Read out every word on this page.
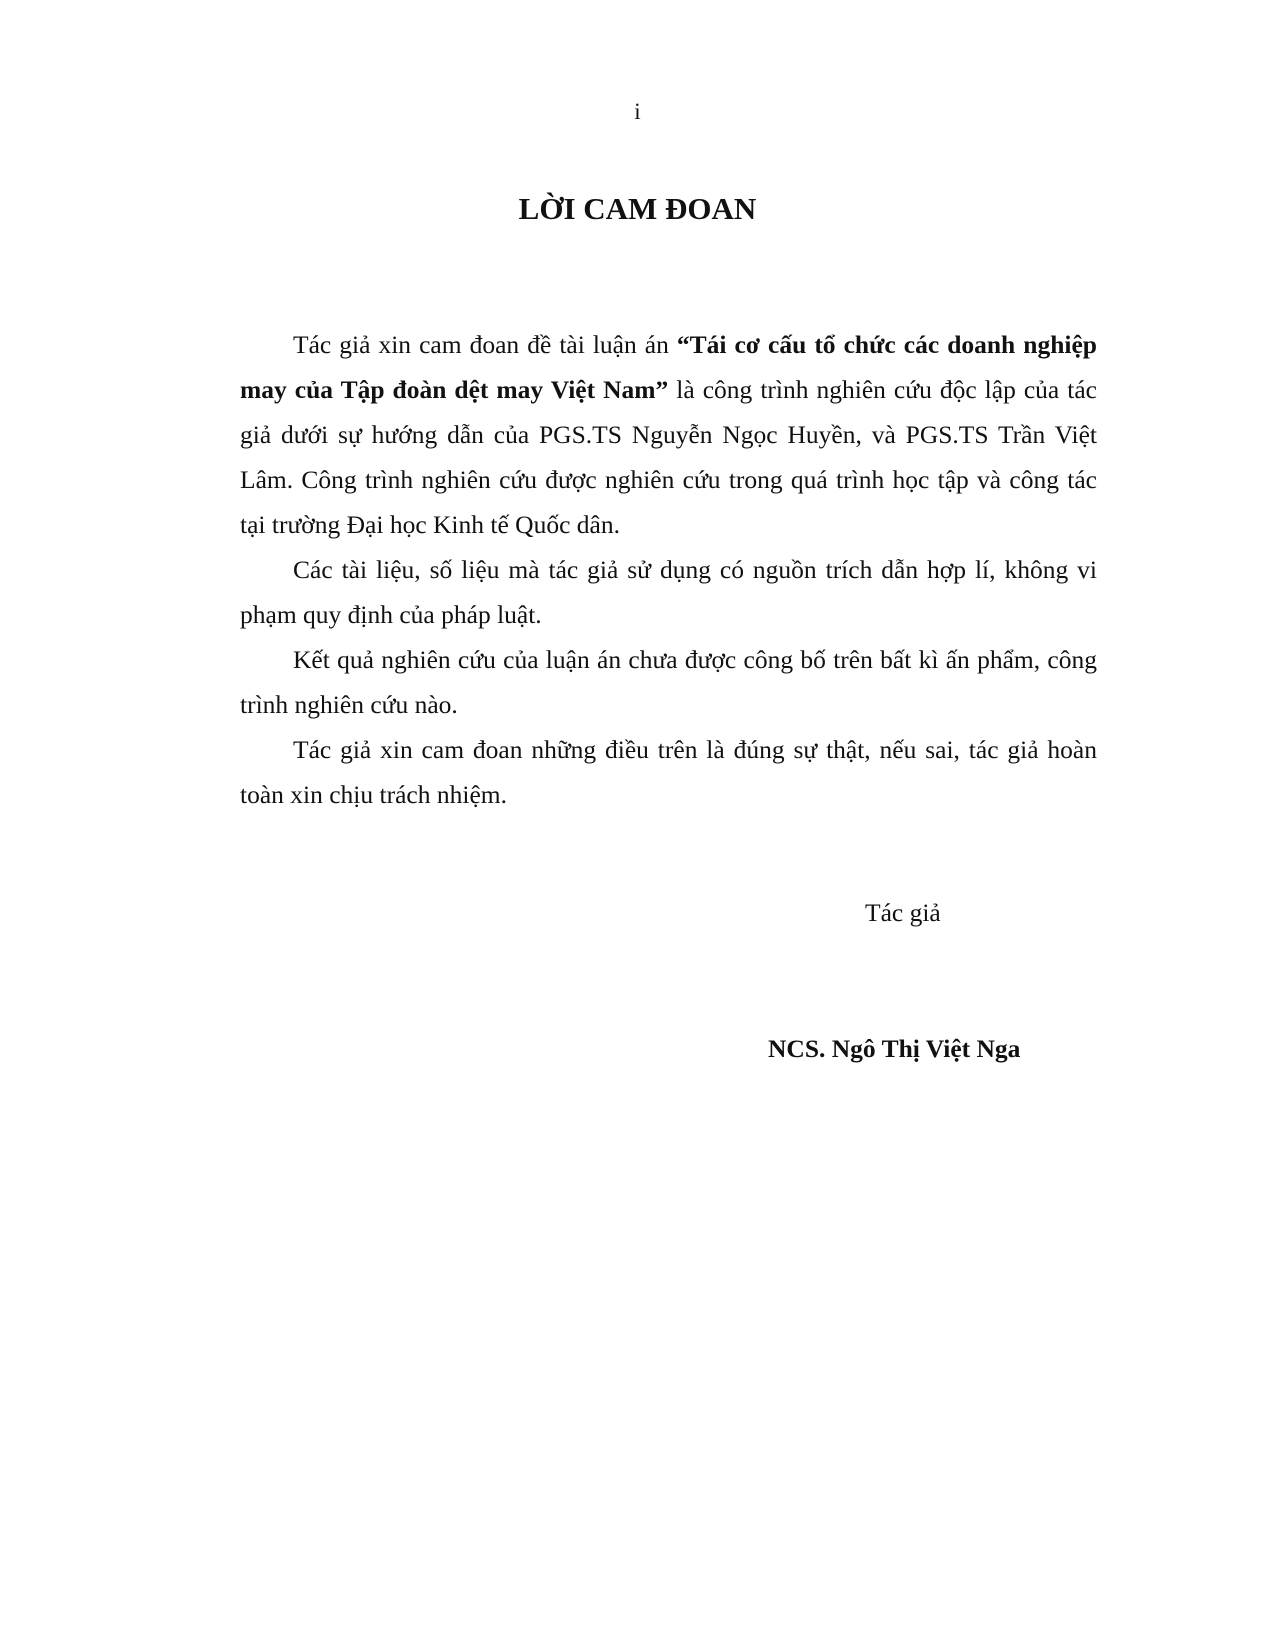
i
LỜI CAM ĐOAN

Tác giả xin cam đoan đề tài luận án “Tái cơ cấu tổ chức các doanh nghiệp may của Tập đoàn dệt may Việt Nam” là công trình nghiên cứu độc lập của tác giả dưới sự hướng dẫn của PGS.TS Nguyễn Ngọc Huyền, và PGS.TS Trần Việt Lâm. Công trình nghiên cứu được nghiên cứu trong quá trình học tập và công tác tại trường Đại học Kinh tế Quốc dân.

Các tài liệu, số liệu mà tác giả sử dụng có nguồn trích dẫn hợp lí, không vi phạm quy định của pháp luật.

Kết quả nghiên cứu của luận án chưa được công bố trên bất kì ấn phẩm, công trình nghiên cứu nào.

Tác giả xin cam đoan những điều trên là đúng sự thật, nếu sai, tác giả hoàn toàn xin chịu trách nhiệm.

Tác giả
NCS. Ngô Thị Việt Nga
